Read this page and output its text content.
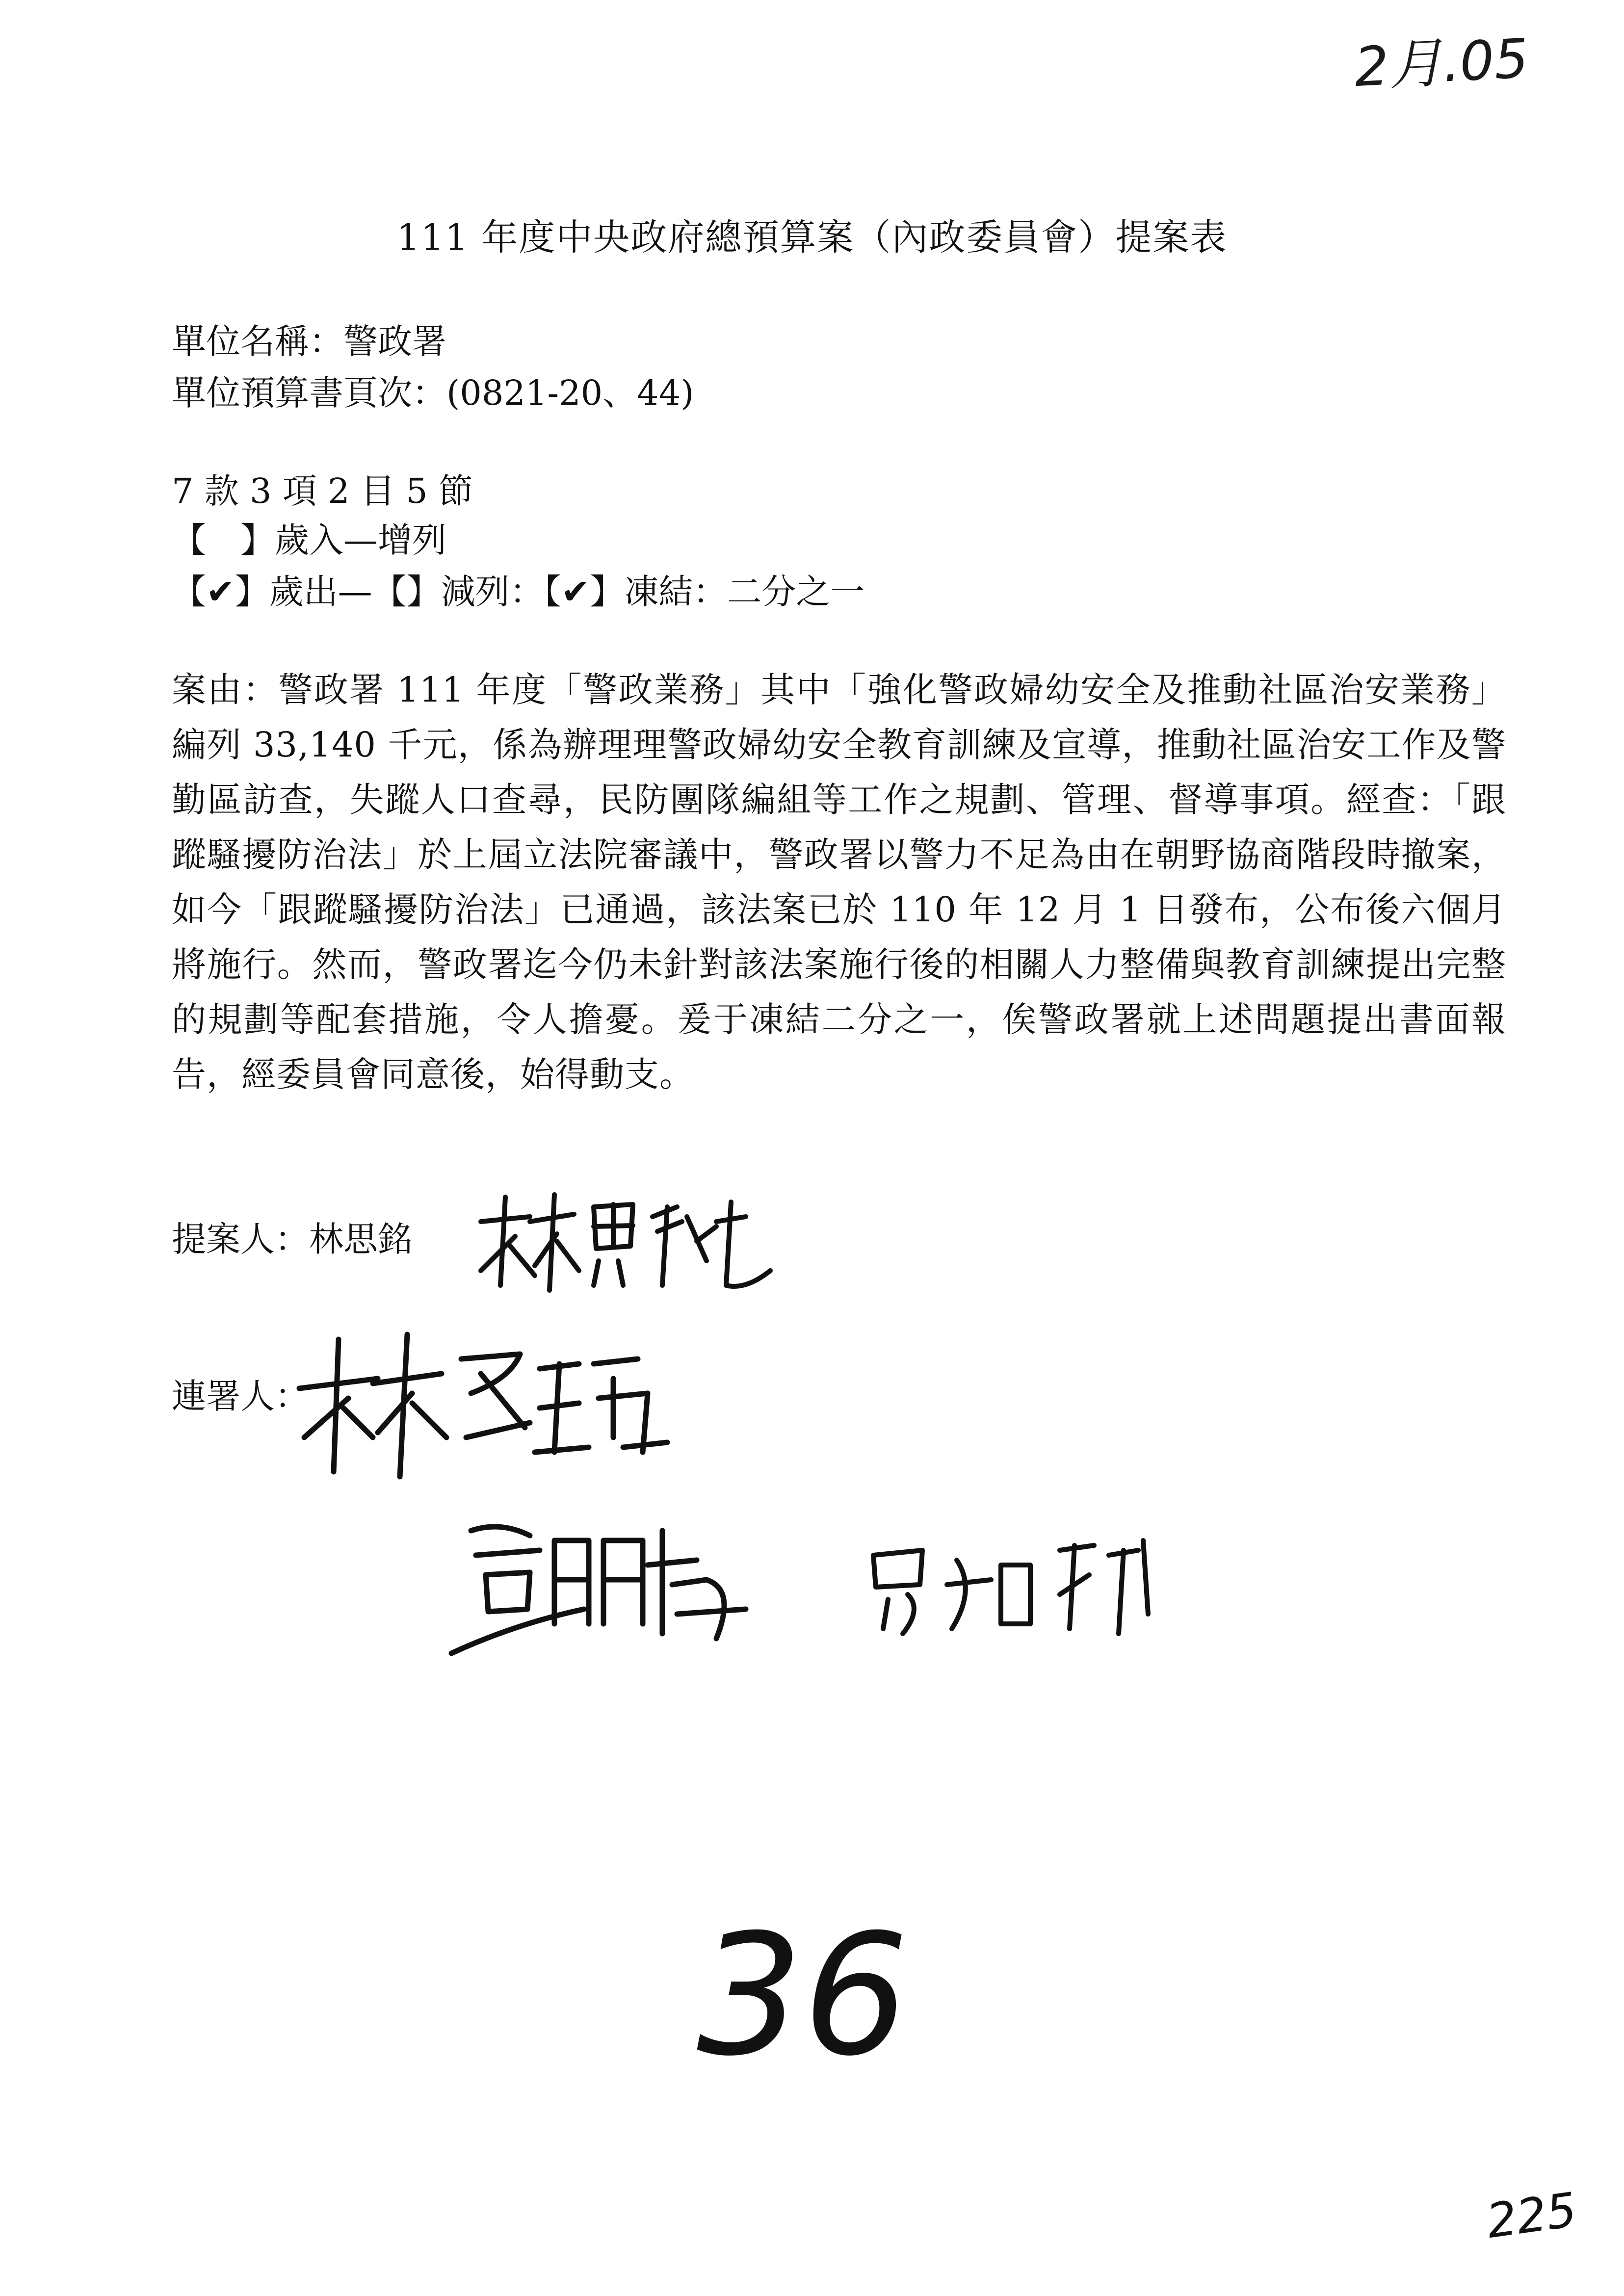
2月.05
111 年度中央政府總預算案（內政委員會）提案表
單位名稱：警政署
單位預算書頁次：(0821-20、44)
7 款 3 項 2 目 5 節
【 】歲入—增列
【✔】歲出—【】減列：【✔】凍結：二分之一
案由：警政署 111 年度「警政業務」其中「強化警政婦幼安全及推動社區治安業務」編列 33,140 千元，係為辦理理警政婦幼安全教育訓練及宣導，推動社區治安工作及警勤區訪查，失蹤人口查尋，民防團隊編組等工作之規劃、管理、督導事項。經查：「跟蹤騷擾防治法」於上屆立法院審議中，警政署以警力不足為由在朝野協商階段時撤案，如今「跟蹤騷擾防治法」已通過，該法案已於 110 年 12 月 1 日發布，公布後六個月將施行。然而，警政署迄今仍未針對該法案施行後的相關人力整備與教育訓練提出完整的規劃等配套措施，令人擔憂。爰于凍結二分之一，俟警政署就上述問題提出書面報告，經委員會同意後，始得動支。
提案人：林思銘
連署人：
36
225
